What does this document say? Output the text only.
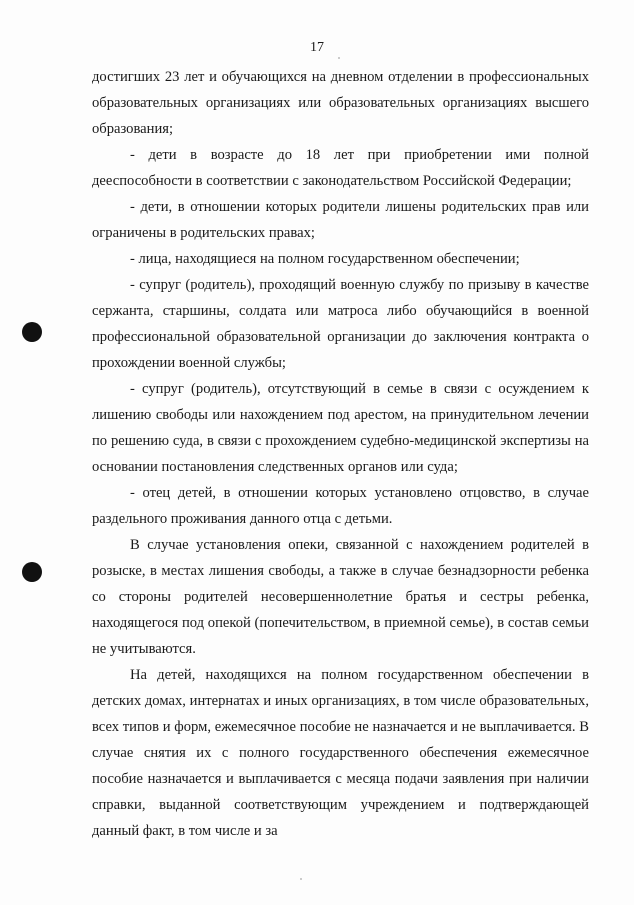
17

достигших 23 лет и обучающихся на дневном отделении в профессиональных образовательных организациях или образовательных организациях высшего образования;

- дети в возрасте до 18 лет при приобретении ими полной дееспособности в соответствии с законодательством Российской Федерации;

- дети, в отношении которых родители лишены родительских прав или ограничены в родительских правах;

- лица, находящиеся на полном государственном обеспечении;

- супруг (родитель), проходящий военную службу по призыву в качестве сержанта, старшины, солдата или матроса либо обучающийся в военной профессиональной образовательной организации до заключения контракта о прохождении военной службы;

- супруг (родитель), отсутствующий в семье в связи с осуждением к лишению свободы или нахождением под арестом, на принудительном лечении по решению суда, в связи с прохождением судебно-медицинской экспертизы на основании постановления следственных органов или суда;

- отец детей, в отношении которых установлено отцовство, в случае раздельного проживания данного отца с детьми.

В случае установления опеки, связанной с нахождением родителей в розыске, в местах лишения свободы, а также в случае безнадзорности ребенка со стороны родителей несовершеннолетние братья и сестры ребенка, находящегося под опекой (попечительством, в приемной семье), в состав семьи не учитываются.

На детей, находящихся на полном государственном обеспечении в детских домах, интернатах и иных организациях, в том числе образовательных, всех типов и форм, ежемесячное пособие не назначается и не выплачивается. В случае снятия их с полного государственного обеспечения ежемесячное пособие назначается и выплачивается с месяца подачи заявления при наличии справки, выданной соответствующим учреждением и подтверждающей данный факт, в том числе и за
